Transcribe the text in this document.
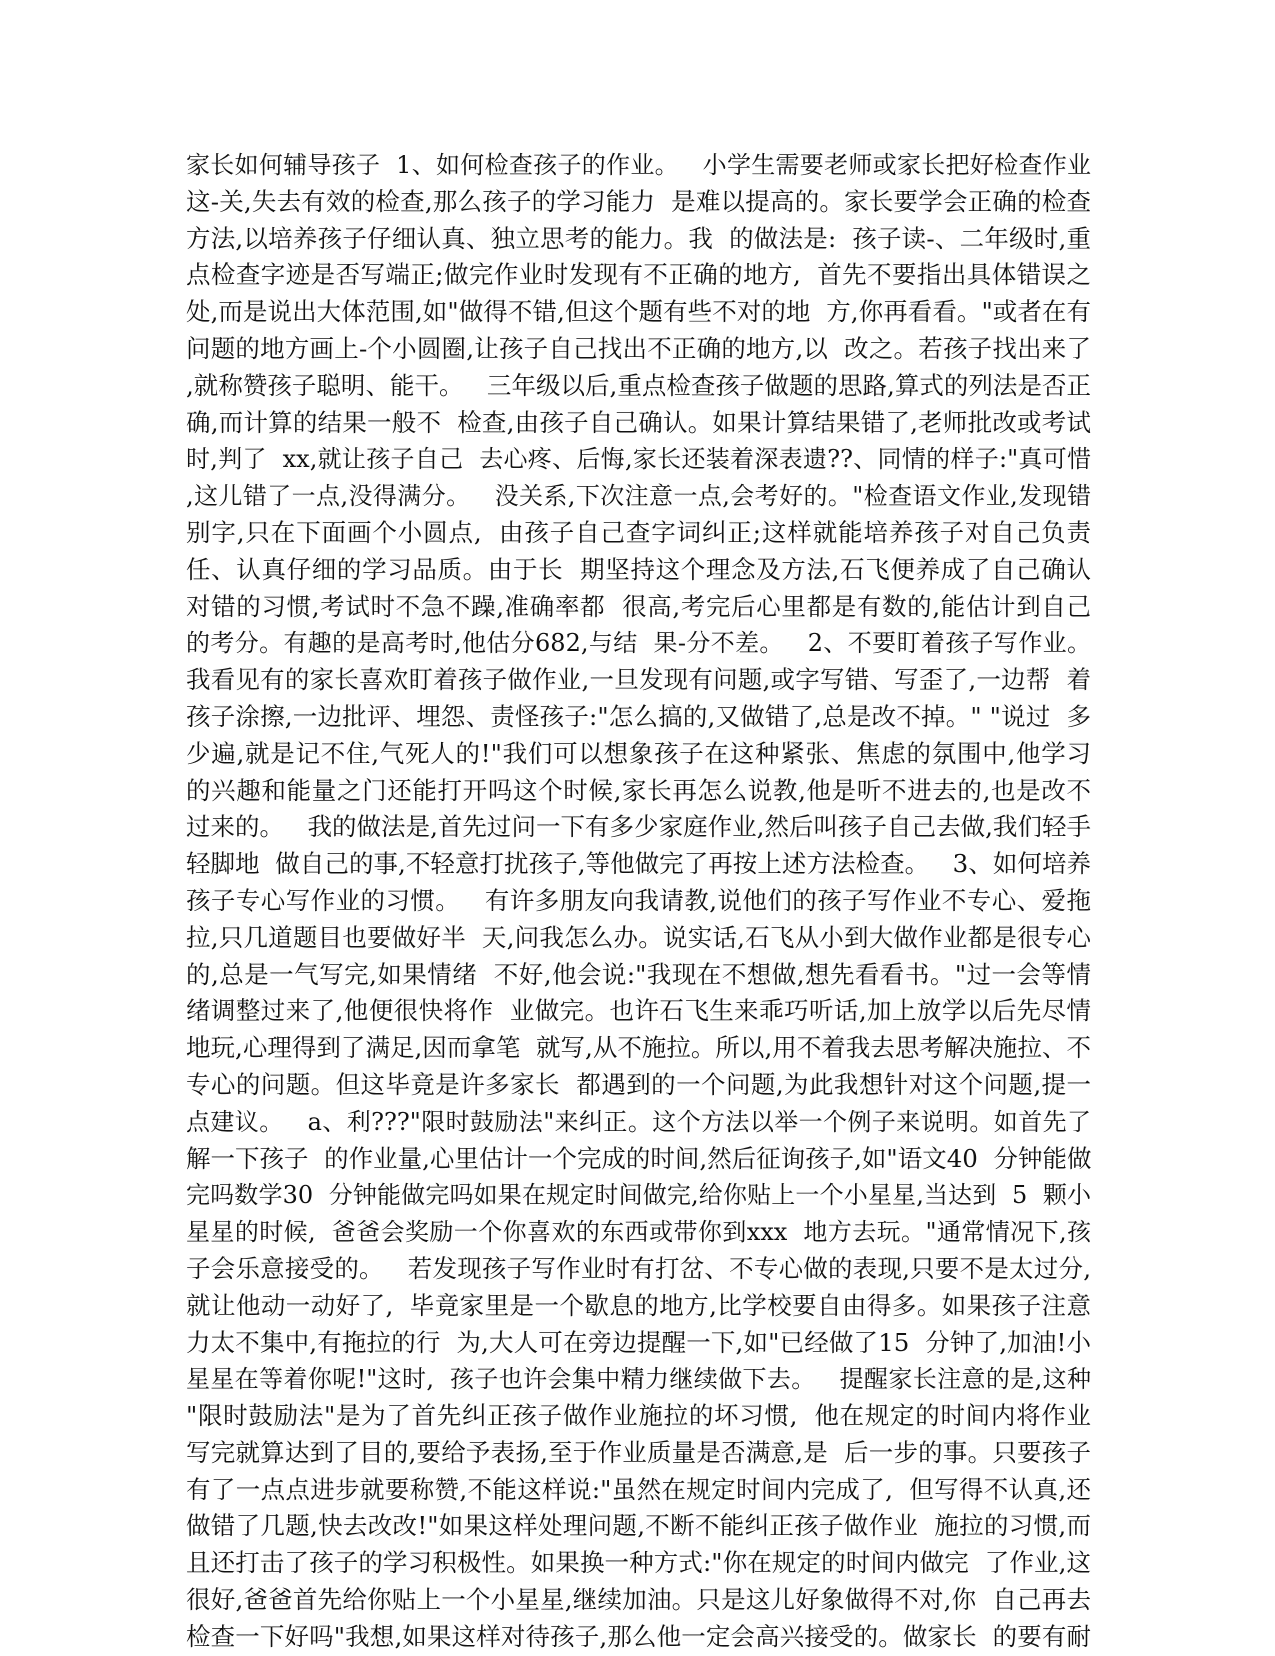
家长如何辅导孩子  1、如何检查孩子的作业。   小学生需要老师或家长把好检查作业
这-关,失去有效的检查,那么孩子的学习能力  是难以提高的。家长要学会正确的检查
方法,以培养孩子仔细认真、独立思考的能力。我  的做法是:  孩子读-、二年级时,重
点检查字迹是否写端正;做完作业时发现有不正确的地方,  首先不要指出具体错误之
处,而是说出大体范围,如"做得不错,但这个题有些不对的地  方,你再看看。"或者在有
问题的地方画上-个小圆圈,让孩子自己找出不正确的地方,以  改之。若孩子找出来了
,就称赞孩子聪明、能干。   三年级以后,重点检查孩子做题的思路,算式的列法是否正
确,而计算的结果一般不  检查,由孩子自己确认。如果计算结果错了,老师批改或考试
时,判了  xx,就让孩子自己  去心疼、后悔,家长还装着深表遗??、同情的样子:"真可惜
,这儿错了一点,没得满分。   没关系,下次注意一点,会考好的。"检查语文作业,发现错
别字,只在下面画个小圆点,  由孩子自己查字词纠正;这样就能培养孩子对自己负责
任、认真仔细的学习品质。由于长  期坚持这个理念及方法,石飞便养成了自己确认
对错的习惯,考试时不急不躁,准确率都  很高,考完后心里都是有数的,能估计到自己
的考分。有趣的是高考时,他估分682,与结  果-分不差。   2、不要盯着孩子写作业。
我看见有的家长喜欢盯着孩子做作业,一旦发现有问题,或字写错、写歪了,一边帮  着
孩子涂擦,一边批评、埋怨、责怪孩子:"怎么搞的,又做错了,总是改不掉。" "说过  多
少遍,就是记不住,气死人的!"我们可以想象孩子在这种紧张、焦虑的氛围中,他学习
的兴趣和能量之门还能打开吗这个时候,家长再怎么说教,他是听不进去的,也是改不
过来的。   我的做法是,首先过问一下有多少家庭作业,然后叫孩子自己去做,我们轻手
轻脚地  做自己的事,不轻意打扰孩子,等他做完了再按上述方法检查。   3、如何培养
孩子专心写作业的习惯。   有许多朋友向我请教,说他们的孩子写作业不专心、爱拖
拉,只几道题目也要做好半  天,问我怎么办。说实话,石飞从小到大做作业都是很专心
的,总是一气写完,如果情绪  不好,他会说:"我现在不想做,想先看看书。"过一会等情
绪调整过来了,他便很快将作  业做完。也许石飞生来乖巧听话,加上放学以后先尽情
地玩,心理得到了满足,因而拿笔  就写,从不施拉。所以,用不着我去思考解决施拉、不
专心的问题。但这毕竟是许多家长  都遇到的一个问题,为此我想针对这个问题,提一
点建议。   a、利???"限时鼓励法"来纠正。这个方法以举一个例子来说明。如首先了
解一下孩子  的作业量,心里估计一个完成的时间,然后征询孩子,如"语文40  分钟能做
完吗数学30  分钟能做完吗如果在规定时间做完,给你贴上一个小星星,当达到  5  颗小
星星的时候,  爸爸会奖励一个你喜欢的东西或带你到xxx  地方去玩。"通常情况下,孩
子会乐意接受的。   若发现孩子写作业时有打岔、不专心做的表现,只要不是太过分,
就让他动一动好了,  毕竟家里是一个歇息的地方,比学校要自由得多。如果孩子注意
力太不集中,有拖拉的行  为,大人可在旁边提醒一下,如"已经做了15  分钟了,加油!小
星星在等着你呢!"这时,  孩子也许会集中精力继续做下去。   提醒家长注意的是,这种
"限时鼓励法"是为了首先纠正孩子做作业施拉的坏习惯,  他在规定的时间内将作业
写完就算达到了目的,要给予表扬,至于作业质量是否满意,是  后一步的事。只要孩子
有了一点点进步就要称赞,不能这样说:"虽然在规定时间内完成了,  但写得不认真,还
做错了几题,快去改改!"如果这样处理问题,不断不能纠正孩子做作业  施拉的习惯,而
且还打击了孩子的学习积极性。如果换一种方式:"你在规定的时间内做完  了作业,这
很好,爸爸首先给你贴上一个小星星,继续加油。只是这儿好象做得不对,你  自己再去
检查一下好吗"我想,如果这样对待孩子,那么他一定会高兴接受的。做家长  的要有耐
